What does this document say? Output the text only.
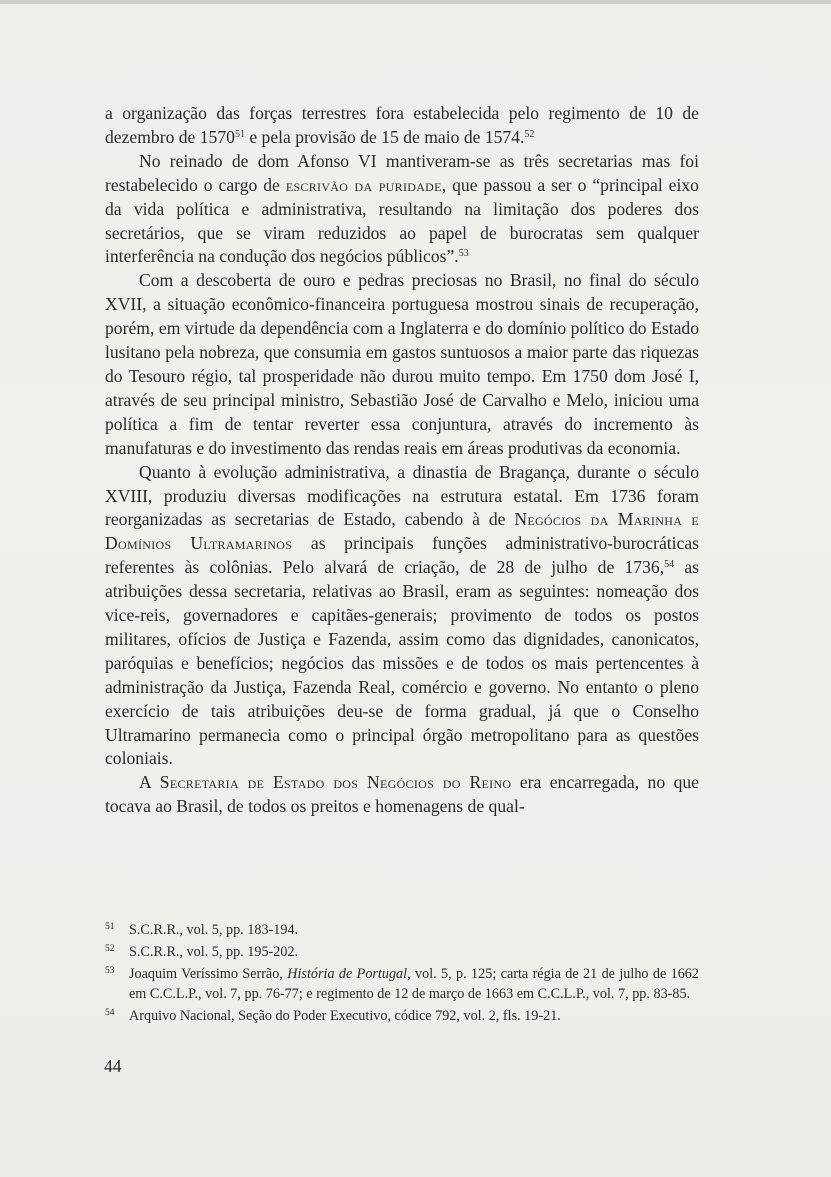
a organização das forças terrestres fora estabelecida pelo regimento de 10 de dezembro de 1570$^{51}$ e pela provisão de 15 de maio de 1574.52

No reinado de dom Afonso VI mantiveram-se as três secretarias mas foi restabelecido o cargo de escrivão da puridade, que passou a ser o “principal eixo da vida política e administrativa, resultando na limitação dos poderes dos secretários, que se viram reduzidos ao papel de burocratas sem qualquer interferência na condução dos negócios públicos”.$^{53}$

Com a descoberta de ouro e pedras preciosas no Brasil, no final do século XVII, a situação econômico-financeira portuguesa mostrou sinais de recuperação, porém, em virtude da dependência com a Inglaterra e do domínio político do Estado lusitano pela nobreza, que consumia em gastos suntuosos a maior parte das riquezas do Tesouro régio, tal prosperidade não durou muito tempo. Em 1750 dom José I, através de seu principal ministro, Sebastião José de Carvalho e Melo, iniciou uma política a fim de tentar reverter essa conjuntura, através do incremento às manufaturas e do investimento das rendas reais em áreas produtivas da economia.

Quanto à evolução administrativa, a dinastia de Bragança, durante o século XVIII, produziu diversas modificações na estrutura estatal. Em 1736 foram reorganizadas as secretarias de Estado, cabendo à de Negócios da Marinha e Domínios Ultramarinos as principais funções administrativo-burocráticas referentes às colônias. Pelo alvará de criação, de 28 de julho de 1736,54 as atribuições dessa secretaria, relativas ao Brasil, eram as seguintes: nomeação dos vice-reis, governadores e capitães-generais; provimento de todos os postos militares, ofícios de Justiça e Fazenda, assim como das dignidades, canonicatos, paróquias e benefícios; negócios das missões e de todos os mais pertencentes à administração da Justiça, Fazenda Real, comércio e governo. No entanto o pleno exercício de tais atribuições deu-se de forma gradual, já que o Conselho Ultramarino permanecia como o principal órgão metropolitano para as questões coloniais.

A Secretaria de Estado dos Negócios do Reino era encarregada, no que tocava ao Brasil, de todos os preitos e homenagens de qual-

51 S.C.R.R., vol. 5, pp. 183-194.
52 S.C.R.R., vol. 5, pp. 195-202.
53 Joaquim Veríssimo Serrão, História de Portugal, vol. 5, p. 125; carta régia de 21 de julho de 1662 em C.C.L.P., vol. 7, pp. 76-77; e regimento de 12 de março de 1663 em C.C.L.P., vol. 7, pp. 83-85.
54 Arquivo Nacional, Seção do Poder Executivo, códice 792, vol. 2, fls. 19-21.
44
